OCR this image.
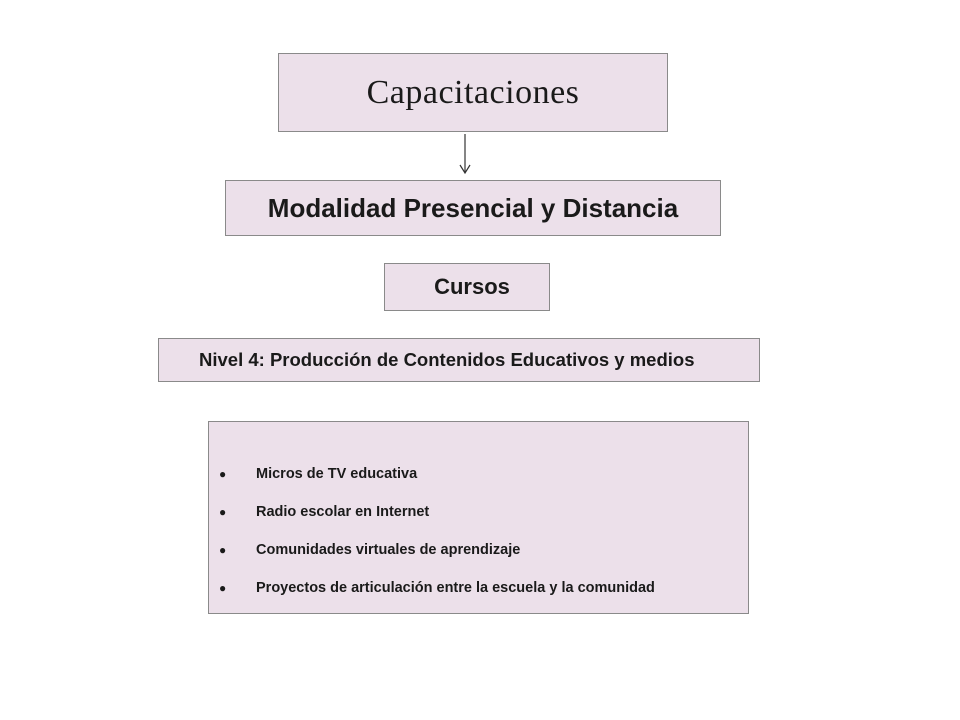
Capacitaciones
Modalidad Presencial y Distancia
Cursos
Nivel 4: Producción de Contenidos Educativos y medios
● Micros de TV educativa
● Radio escolar en Internet
● Comunidades virtuales de aprendizaje
● Proyectos de articulación entre la escuela y la comunidad
